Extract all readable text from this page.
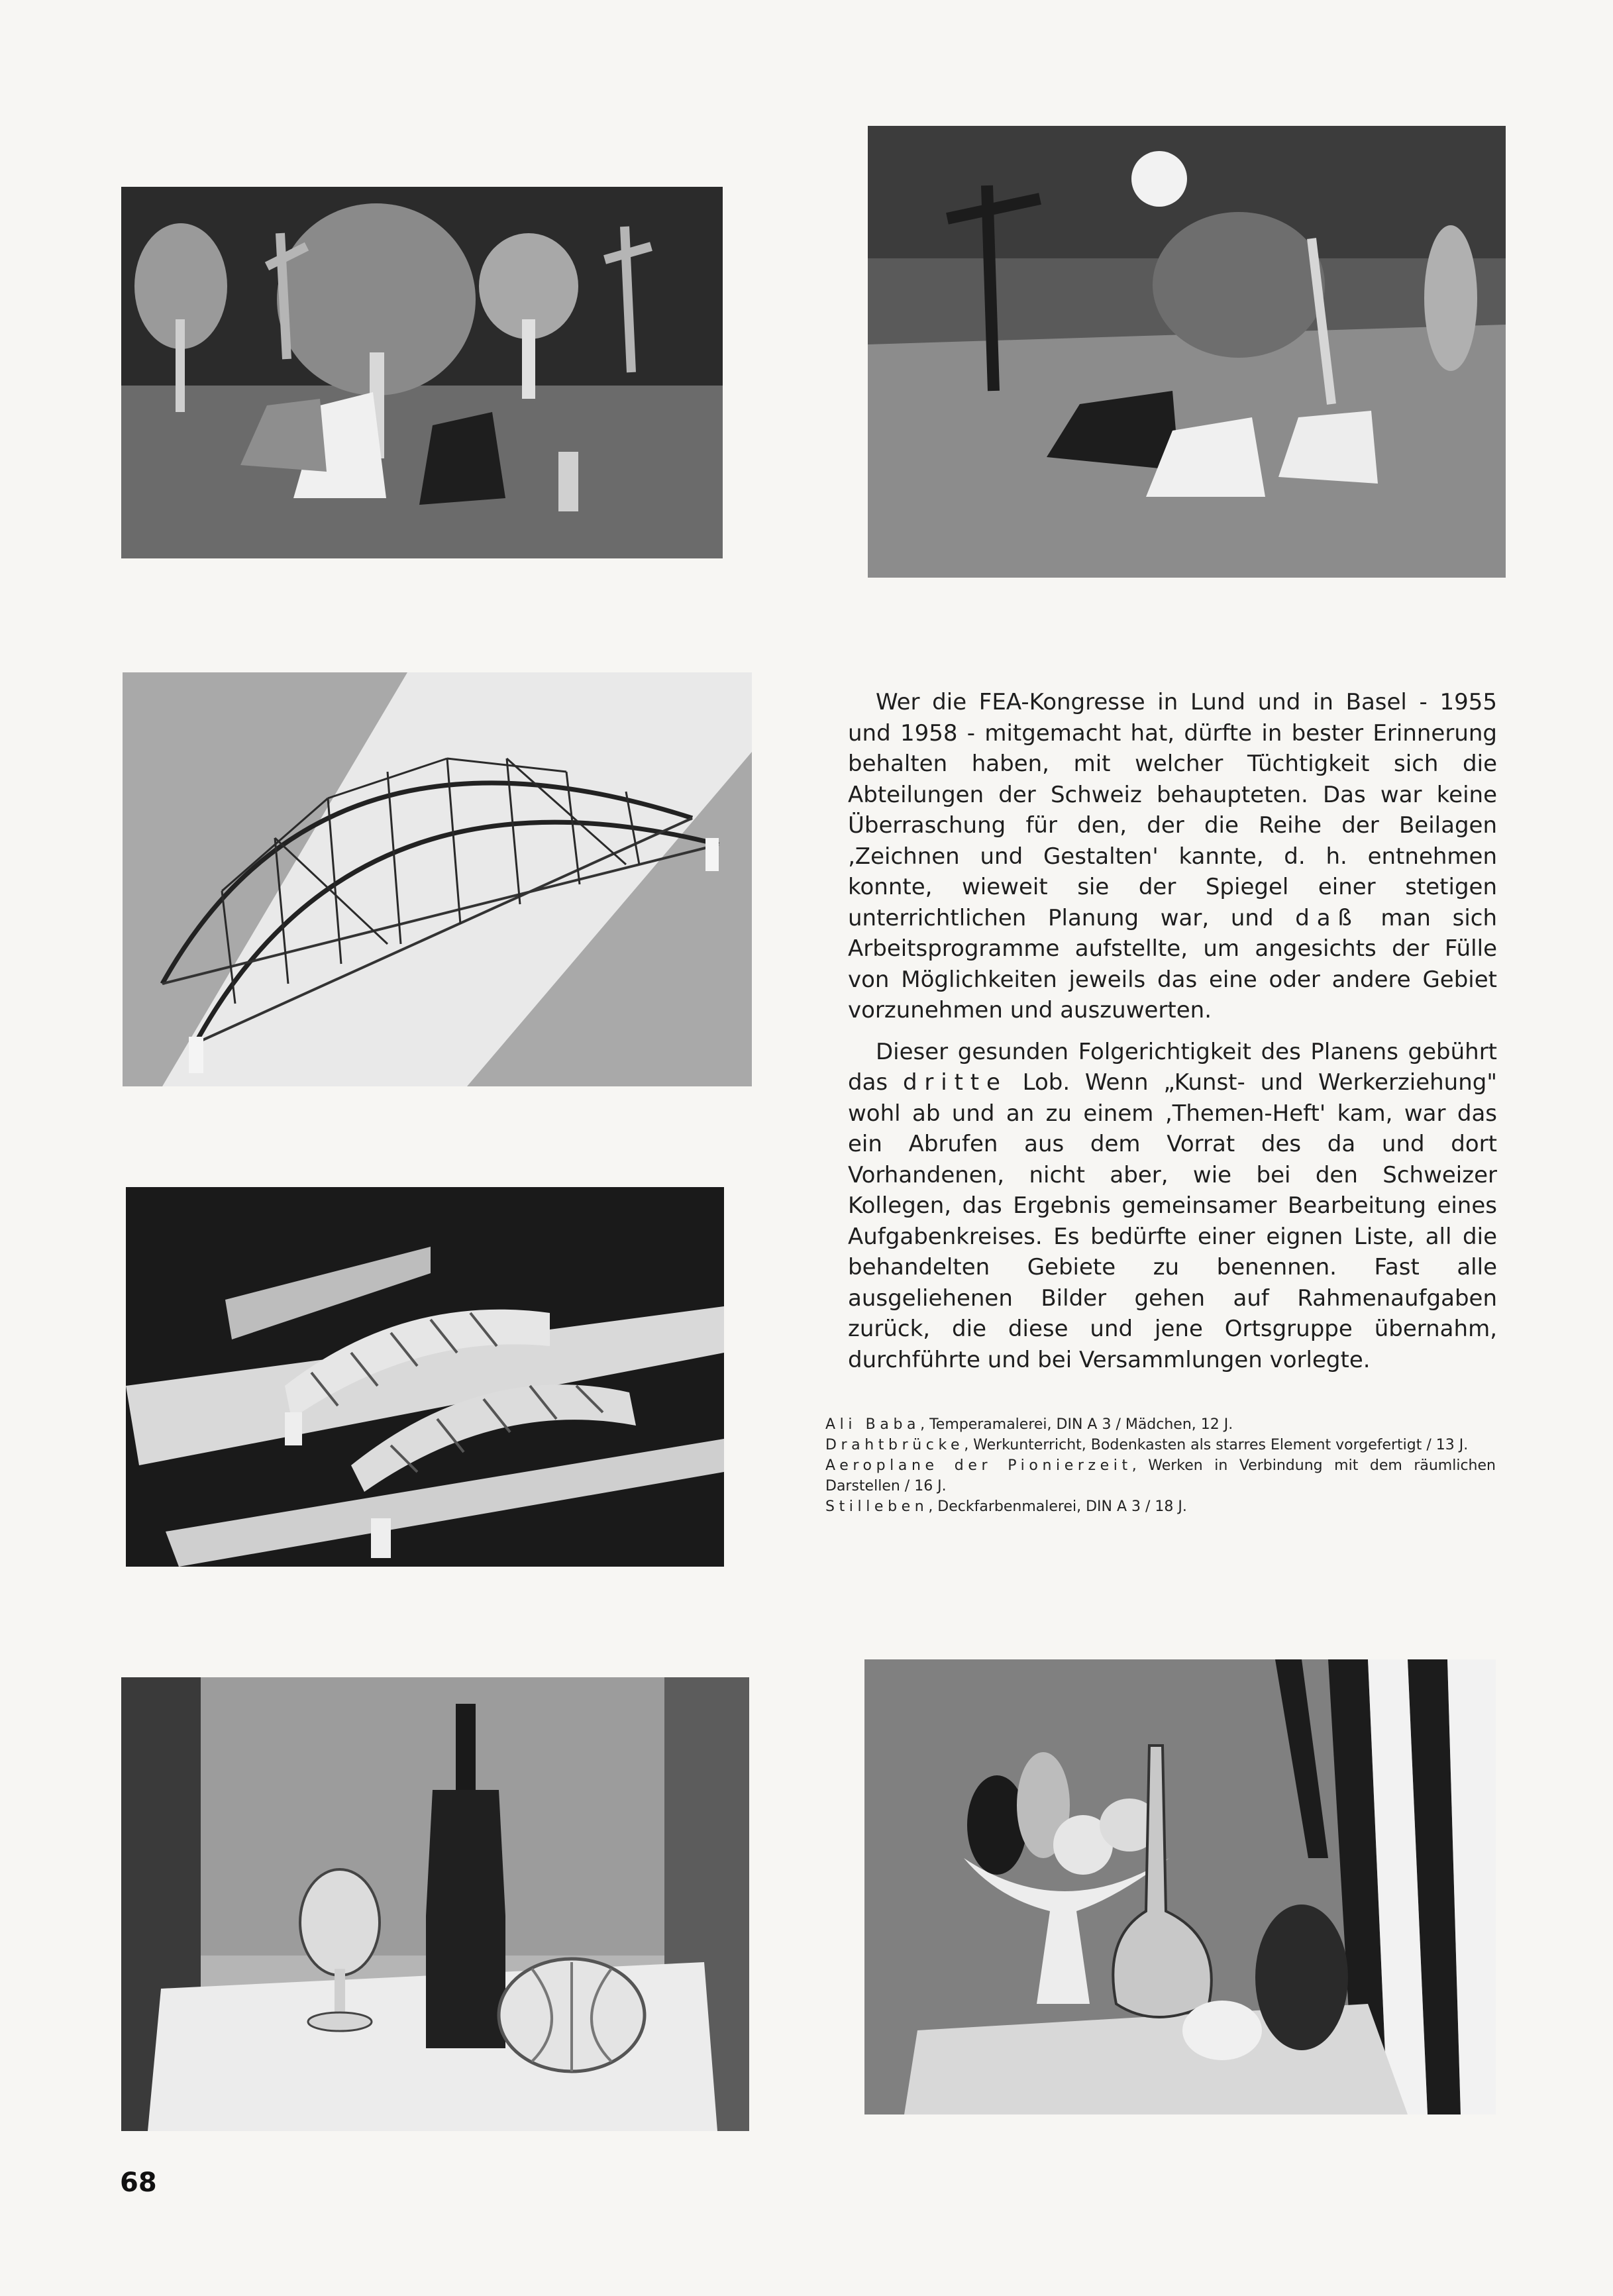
Wer die FEA-Kongresse in Lund und in Basel - 1955 und 1958 - mitgemacht hat, dürfte in bester Erinnerung behalten haben, mit welcher Tüchtigkeit sich die Abteilungen der Schweiz behaupteten. Das war keine Überraschung für den, der die Reihe der Beilagen ‚Zeichnen und Gestalten' kannte, d. h. entnehmen konnte, wieweit sie der Spiegel einer stetigen unterrichtlichen Planung war, und daß man sich Arbeitsprogramme aufstellte, um angesichts der Fülle von Möglichkeiten jeweils das eine oder andere Gebiet vorzunehmen und auszuwerten.

Dieser gesunden Folgerichtigkeit des Planens gebührt das dritte Lob. Wenn „Kunst- und Werkerziehung" wohl ab und an zu einem ‚Themen-Heft' kam, war das ein Abrufen aus dem Vorrat des da und dort Vorhandenen, nicht aber, wie bei den Schweizer Kollegen, das Ergebnis gemeinsamer Bearbeitung eines Aufgabenkreises. Es bedürfte einer eignen Liste, all die behandelten Gebiete zu benennen. Fast alle ausgeliehenen Bilder gehen auf Rahmenaufgaben zurück, die diese und jene Ortsgruppe übernahm, durchführte und bei Versammlungen vorlegte.

Ali Baba, Temperamalerei, DIN A 3 / Mädchen, 12 J.

Drahtbrücke, Werkunterricht, Bodenkasten als starres Element vorgefertigt / 13 J.

Aeroplane der Pionierzeit, Werken in Verbindung mit dem räumlichen Darstellen / 16 J.

Stilleben, Deckfarbenmalerei, DIN A 3 / 18 J.

68
